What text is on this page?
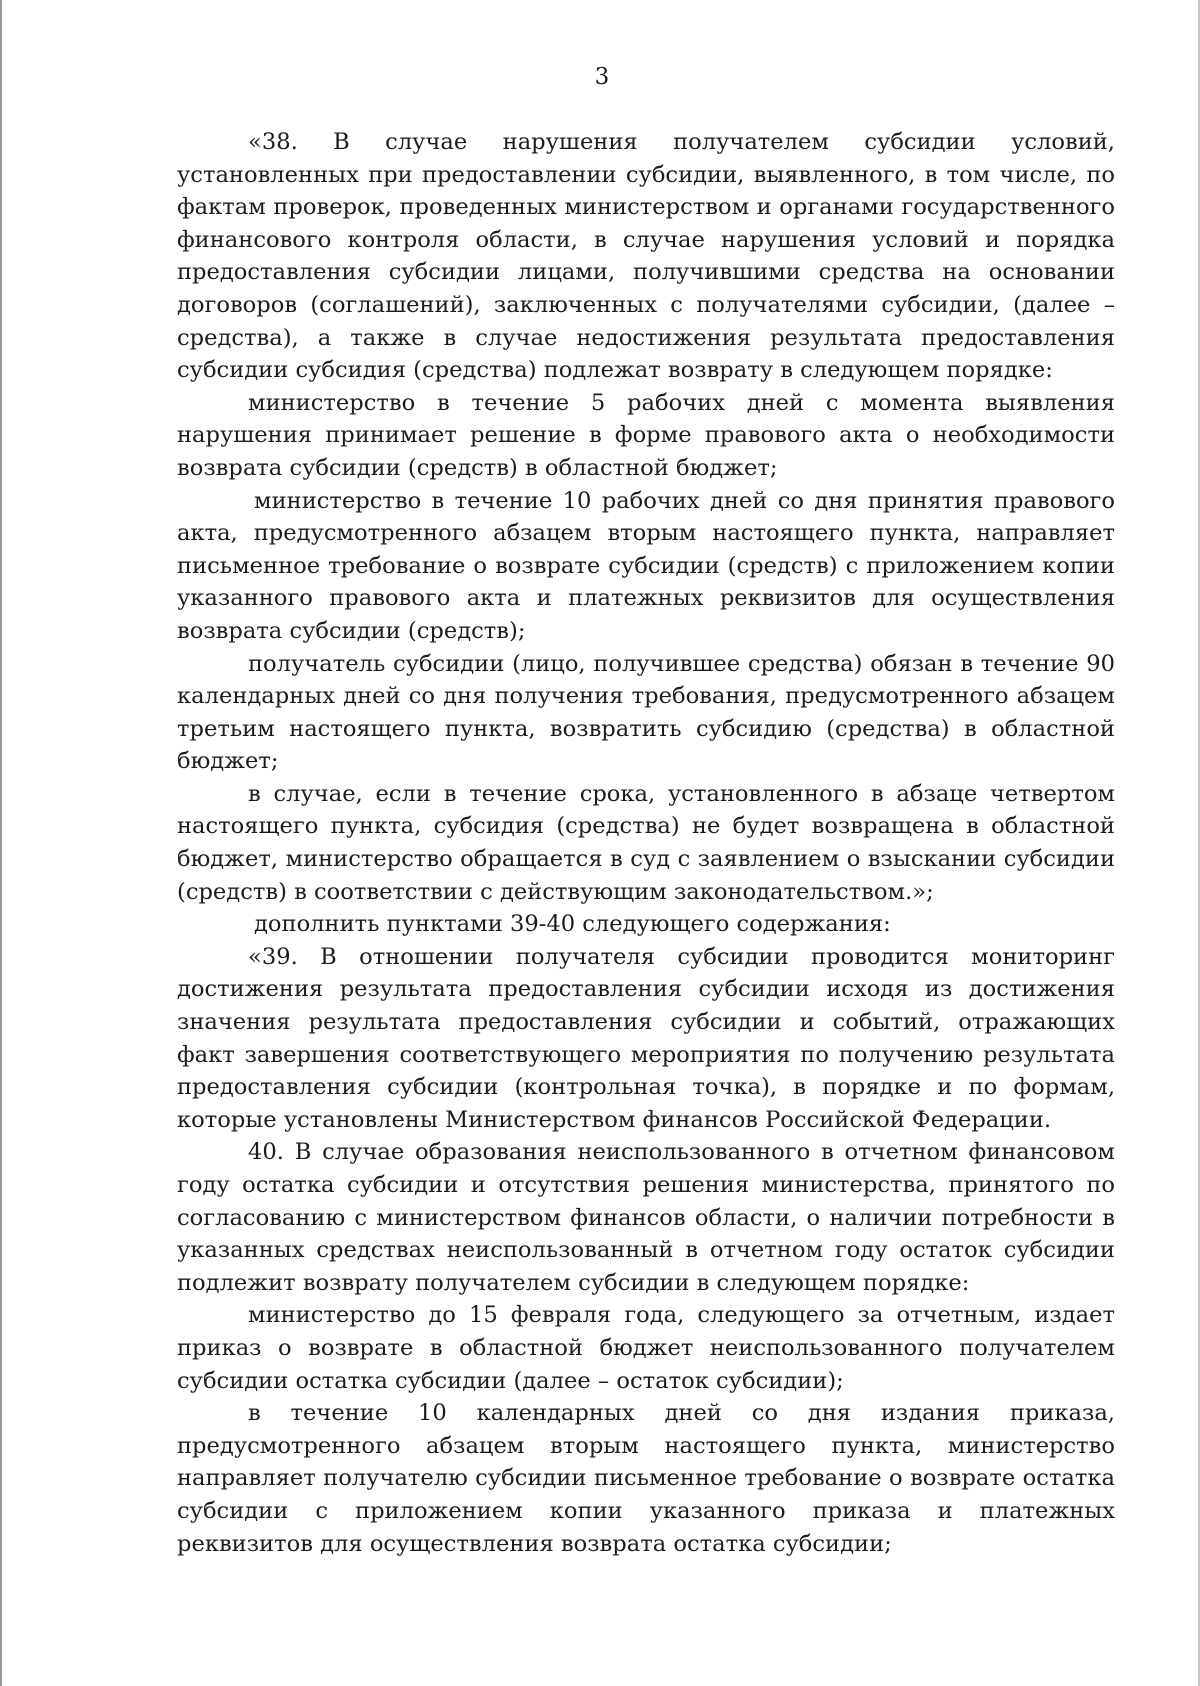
3

«38. В случае нарушения получателем субсидии условий, установленных при предоставлении субсидии, выявленного, в том числе, по фактам проверок, проведенных министерством и органами государственного финансового контроля области, в случае нарушения условий и порядка предоставления субсидии лицами, получившими средства на основании договоров (соглашений), заключенных с получателями субсидии, (далее – средства), а также в случае недостижения результата предоставления субсидии субсидия (средства) подлежат возврату в следующем порядке:

министерство в течение 5 рабочих дней с момента выявления нарушения принимает решение в форме правового акта о необходимости возврата субсидии (средств) в областной бюджет;

министерство в течение 10 рабочих дней со дня принятия правового акта, предусмотренного абзацем вторым настоящего пункта, направляет письменное требование о возврате субсидии (средств) с приложением копии указанного правового акта и платежных реквизитов для осуществления возврата субсидии (средств);

получатель субсидии (лицо, получившее средства) обязан в течение 90 календарных дней со дня получения требования, предусмотренного абзацем третьим настоящего пункта, возвратить субсидию (средства) в областной бюджет;

в случае, если в течение срока, установленного в абзаце четвертом настоящего пункта, субсидия (средства) не будет возвращена в областной бюджет, министерство обращается в суд с заявлением о взыскании субсидии (средств) в соответствии с действующим законодательством.»;

дополнить пунктами 39-40 следующего содержания:

«39. В отношении получателя субсидии проводится мониторинг достижения результата предоставления субсидии исходя из достижения значения результата предоставления субсидии и событий, отражающих факт завершения соответствующего мероприятия по получению результата предоставления субсидии (контрольная точка), в порядке и по формам, которые установлены Министерством финансов Российской Федерации.

40. В случае образования неиспользованного в отчетном финансовом году остатка субсидии и отсутствия решения министерства, принятого по согласованию с министерством финансов области, о наличии потребности в указанных средствах неиспользованный в отчетном году остаток субсидии подлежит возврату получателем субсидии в следующем порядке:

министерство до 15 февраля года, следующего за отчетным, издает приказ о возврате в областной бюджет неиспользованного получателем субсидии остатка субсидии (далее – остаток субсидии);

в течение 10 календарных дней со дня издания приказа, предусмотренного абзацем вторым настоящего пункта, министерство направляет получателю субсидии письменное требование о возврате остатка субсидии с приложением копии указанного приказа и платежных реквизитов для осуществления возврата остатка субсидии;
